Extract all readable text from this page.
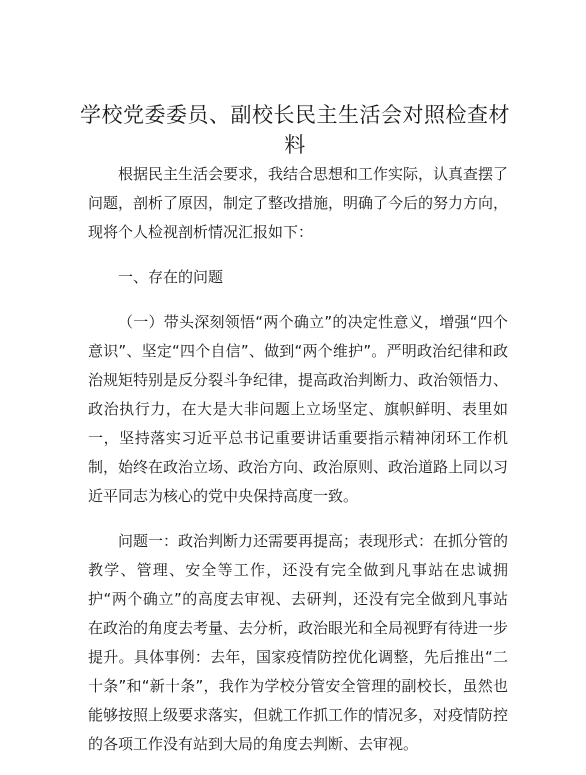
学校党委委员、副校长民主生活会对照检查材料

根据民主生活会要求，我结合思想和工作实际，认真查摆了问题，剖析了原因，制定了整改措施，明确了今后的努力方向，现将个人检视剖析情况汇报如下：

一、存在的问题

（一）带头深刻领悟“两个确立”的决定性意义，增强“四个意识”、坚定“四个自信”、做到“两个维护”。严明政治纪律和政治规矩特别是反分裂斗争纪律，提高政治判断力、政治领悟力、政治执行力，在大是大非问题上立场坚定、旗帜鲜明、表里如一，坚持落实习近平总书记重要讲话重要指示精神闭环工作机制，始终在政治立场、政治方向、政治原则、政治道路上同以习近平同志为核心的党中央保持高度一致。

问题一：政治判断力还需要再提高；表现形式：在抓分管的教学、管理、安全等工作，还没有完全做到凡事站在忠诚拥护“两个确立”的高度去审视、去研判，还没有完全做到凡事站在政治的角度去考量、去分析，政治眼光和全局视野有待进一步提升。具体事例：去年，国家疫情防控优化调整，先后推出“二十条”和“新十条”，我作为学校分管安全管理的副校长，虽然也能够按照上级要求落实，但就工作抓工作的情况多，对疫情防控的各项工作没有站到大局的角度去判断、去审视。
